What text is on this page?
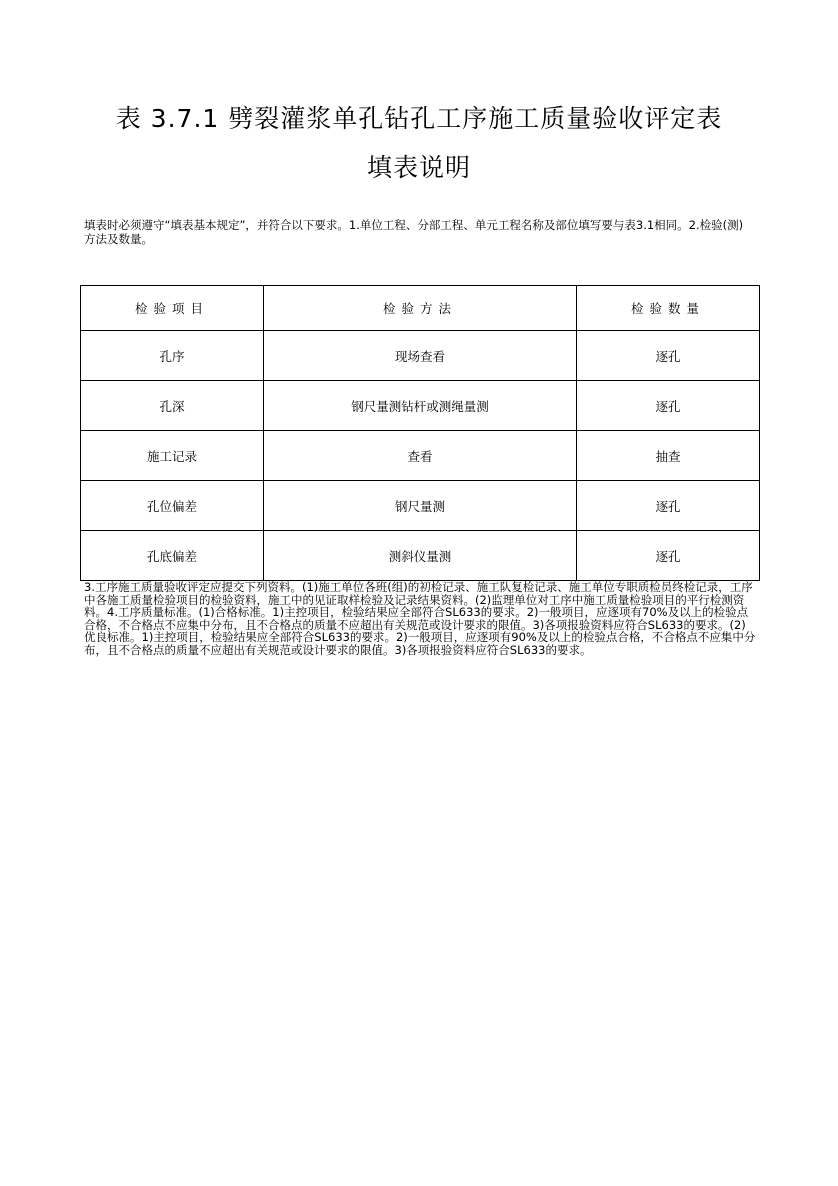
表 3.7.1 劈裂灌浆单孔钻孔工序施工质量验收评定表
填表说明

填表时必须遵守“填表基本规定”，并符合以下要求。1.单位工程、分部工程、单元工程名称及部位填写要与表3.1相同。2.检验(测)方法及数量。

检验项目	检验方法	检验数量
孔序	现场查看	逐孔
孔深	钢尺量测钻杆或测绳量测	逐孔
施工记录	查看	抽查
孔位偏差	钢尺量测	逐孔
孔底偏差	测斜仪量测	逐孔

3.工序施工质量验收评定应提交下列资料。(1)施工单位各班(组)的初检记录、施工队复检记录、施工单位专职质检员终检记录，工序中各施工质量检验项目的检验资料，施工中的见证取样检验及记录结果资料。(2)监理单位对工序中施工质量检验项目的平行检测资料。4.工序质量标准。(1)合格标准。1)主控项目，检验结果应全部符合SL633的要求。2)一般项目，应逐项有70%及以上的检验点合格，不合格点不应集中分布，且不合格点的质量不应超出有关规范或设计要求的限值。3)各项报验资料应符合SL633的要求。(2)优良标准。1)主控项目，检验结果应全部符合SL633的要求。2)一般项目，应逐项有90%及以上的检验点合格，不合格点不应集中分布，且不合格点的质量不应超出有关规范或设计要求的限值。3)各项报验资料应符合SL633的要求。
